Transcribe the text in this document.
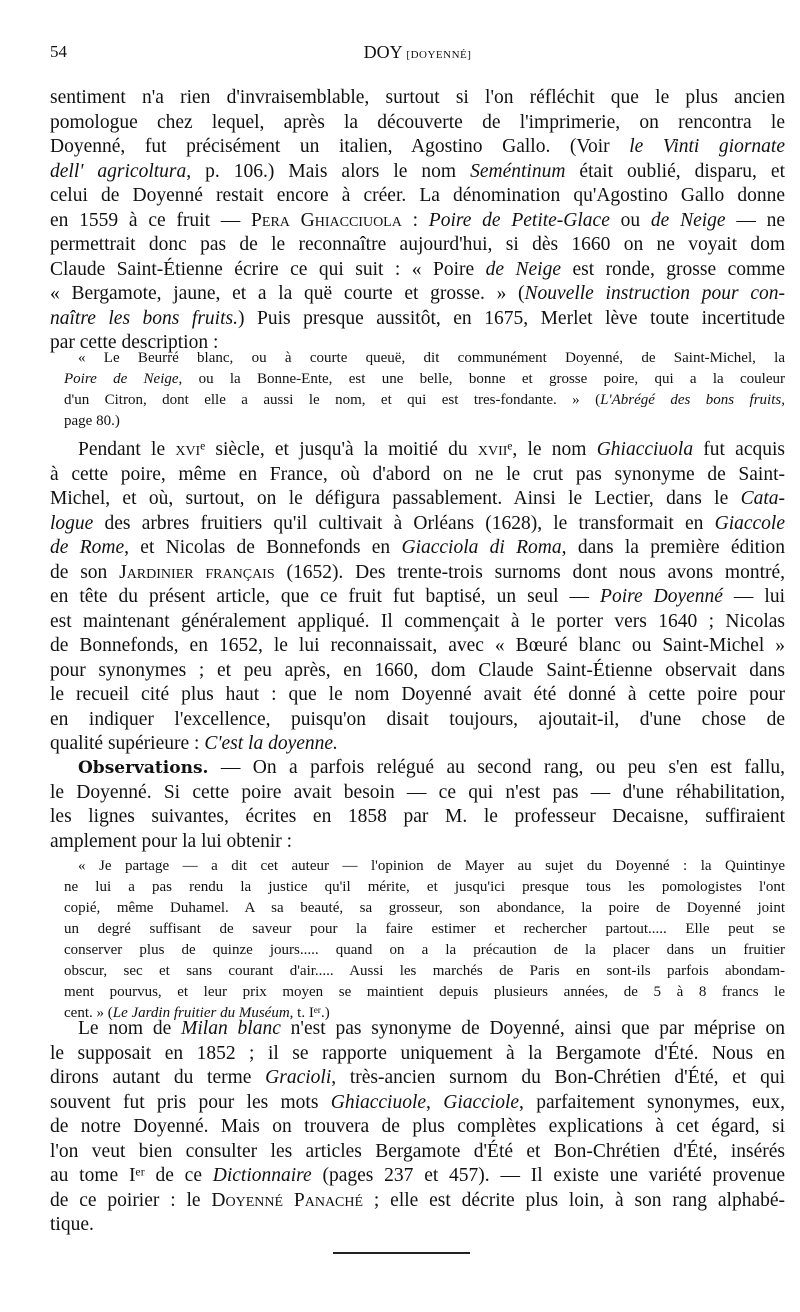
54	DOY [DOYENNÉ]
sentiment n'a rien d'invraisemblable, surtout si l'on réfléchit que le plus ancien
pomologue chez lequel, après la découverte de l'imprimerie, on rencontra le
Doyenné, fut précisément un italien, Agostino Gallo. (Voir le Vinti giornate
dell' agricoltura, p. 106.) Mais alors le nom Seméntinum était oublié, disparu, et
celui de Doyenné restait encore à créer. La dénomination qu'Agostino Gallo donne
en 1559 à ce fruit — Pera Ghiacciuola : Poire de Petite-Glace ou de Neige — ne
permettrait donc pas de le reconnaître aujourd'hui, si dès 1660 on ne voyait dom
Claude Saint-Étienne écrire ce qui suit : « Poire de Neige est ronde, grosse comme
« Bergamote, jaune, et a la quë courte et grosse. » (Nouvelle instruction pour con-
naître les bons fruits.) Puis presque aussitôt, en 1675, Merlet lève toute incertitude
par cette description :
« Le Beurré blanc, ou à courte queuë, dit communément Doyenné, de Saint-Michel, la
Poire de Neige, ou la Bonne-Ente, est une belle, bonne et grosse poire, qui a la couleur
d'un Citron, dont elle a aussi le nom, et qui est tres-fondante. » (L'Abrégé des bons fruits,
page 80.)
Pendant le xviᵉ siècle, et jusqu'à la moitié du xviiᵉ, le nom Ghiacciuola fut acquis
à cette poire, même en France, où d'abord on ne le crut pas synonyme de Saint-
Michel, et où, surtout, on le défigura passablement. Ainsi le Lectier, dans le Cata-
logue des arbres fruitiers qu'il cultivait à Orléans (1628), le transformait en Giaccole
de Rome, et Nicolas de Bonnefonds en Giacciola di Roma, dans la première édition
de son Jardinier français (1652). Des trente-trois surnoms dont nous avons montré,
en tête du présent article, que ce fruit fut baptisé, un seul — Poire Doyenné — lui
est maintenant généralement appliqué. Il commençait à le porter vers 1640 ; Nicolas
de Bonnefonds, en 1652, le lui reconnaissait, avec « Bœuré blanc ou Saint-Michel »
pour synonymes ; et peu après, en 1660, dom Claude Saint-Étienne observait dans
le recueil cité plus haut : que le nom Doyenné avait été donné à cette poire pour
en indiquer l'excellence, puisqu'on disait toujours, ajoutait-il, d'une chose de
qualité supérieure : C'est la doyenne.
Observations. — On a parfois relégué au second rang, ou peu s'en est fallu,
le Doyenné. Si cette poire avait besoin — ce qui n'est pas — d'une réhabilitation,
les lignes suivantes, écrites en 1858 par M. le professeur Decaisne, suffiraient
amplement pour la lui obtenir :
« Je partage — a dit cet auteur — l'opinion de Mayer au sujet du Doyenné : la Quintinye
ne lui a pas rendu la justice qu'il mérite, et jusqu'ici presque tous les pomologistes l'ont
copié, même Duhamel. A sa beauté, sa grosseur, son abondance, la poire de Doyenné joint
un degré suffisant de saveur pour la faire estimer et rechercher partout..... Elle peut se
conserver plus de quinze jours..... quand on a la précaution de la placer dans un fruitier
obscur, sec et sans courant d'air..... Aussi les marchés de Paris en sont-ils parfois abondam-
ment pourvus, et leur prix moyen se maintient depuis plusieurs années, de 5 à 8 francs le
cent. » (Le Jardin fruitier du Muséum, t. Iᵉʳ.)
Le nom de Milan blanc n'est pas synonyme de Doyenné, ainsi que par méprise on
le supposait en 1852 ; il se rapporte uniquement à la Bergamote d'Été. Nous en
dirons autant du terme Gracioli, très-ancien surnom du Bon-Chrétien d'Été, et qui
souvent fut pris pour les mots Ghiacciuole, Giacciole, parfaitement synonymes, eux,
de notre Doyenné. Mais on trouvera de plus complètes explications à cet égard, si
l'on veut bien consulter les articles Bergamote d'Été et Bon-Chrétien d'Été, insérés
au tome Iᵉʳ de ce Dictionnaire (pages 237 et 457). — Il existe une variété provenue
de ce poirier : le Doyenné Panaché ; elle est décrite plus loin, à son rang alphabé-
tique.
